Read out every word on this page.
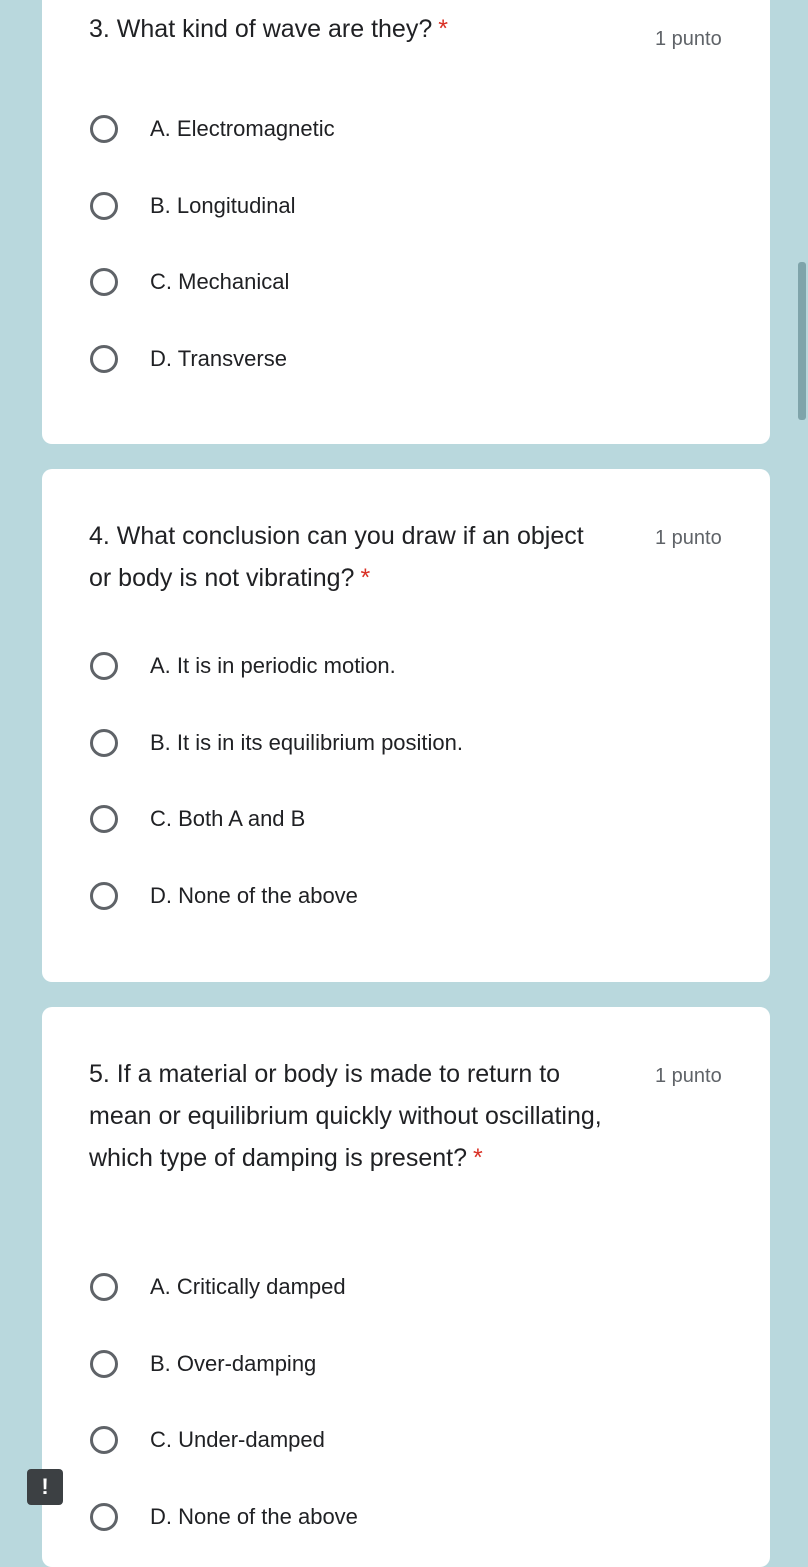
3. What kind of wave are they? *	1 punto
A. Electromagnetic
B. Longitudinal
C. Mechanical
D. Transverse
4. What conclusion can you draw if an object or body is not vibrating? *
1 punto
A. It is in periodic motion.
B. It is in its equilibrium position.
C. Both A and B
D. None of the above
5. If a material or body is made to return to mean or equilibrium quickly without oscillating, which type of damping is present? *
1 punto
A. Critically damped
B. Over-damping
C. Under-damped
D. None of the above
!
